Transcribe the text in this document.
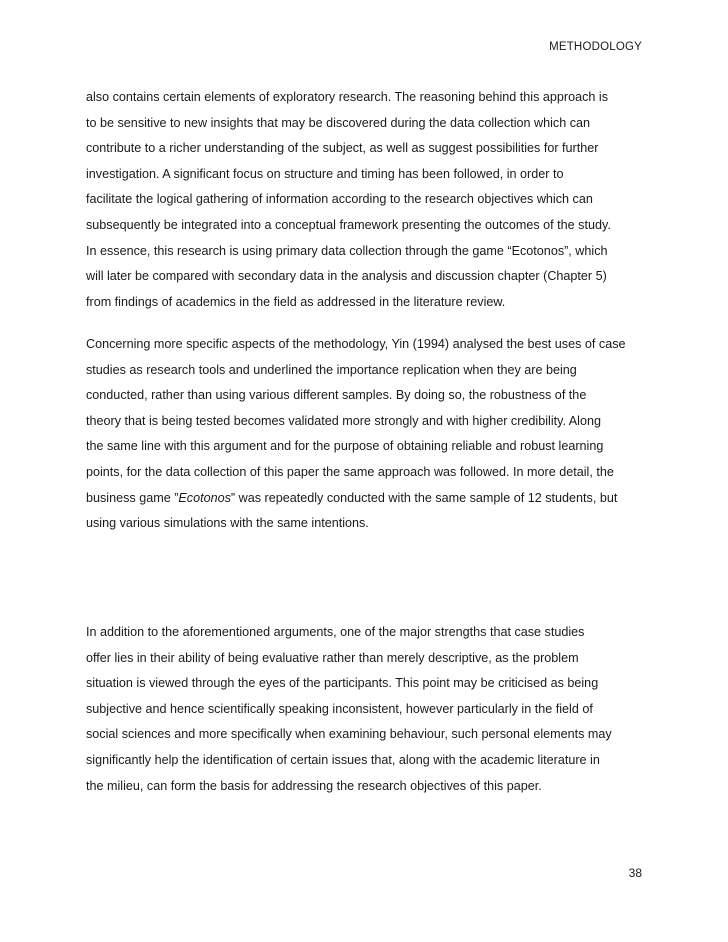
METHODOLOGY

also contains certain elements of exploratory research. The reasoning behind this approach is
to be sensitive to new insights that may be discovered during the data collection which can
contribute to a richer understanding of the subject, as well as suggest possibilities for further
investigation. A significant focus on structure and timing has been followed, in order to
facilitate the logical gathering of information according to the research objectives which can
subsequently be integrated into a conceptual framework presenting the outcomes of the study.
In essence, this research is using primary data collection through the game “Ecotonos”, which
will later be compared with secondary data in the analysis and discussion chapter (Chapter 5)
from findings of academics in the field as addressed in the literature review.

Concerning more specific aspects of the methodology, Yin (1994) analysed the best uses of case
studies as research tools and underlined the importance replication when they are being
conducted, rather than using various different samples. By doing so, the robustness of the
theory that is being tested becomes validated more strongly and with higher credibility. Along
the same line with this argument and for the purpose of obtaining reliable and robust learning
points, for the data collection of this paper the same approach was followed. In more detail, the
business game ”Ecotonos” was repeatedly conducted with the same sample of 12 students, but
using various simulations with the same intentions.

In addition to the aforementioned arguments, one of the major strengths that case studies
offer lies in their ability of being evaluative rather than merely descriptive, as the problem
situation is viewed through the eyes of the participants. This point may be criticised as being
subjective and hence scientifically speaking inconsistent, however particularly in the field of
social sciences and more specifically when examining behaviour, such personal elements may
significantly help the identification of certain issues that, along with the academic literature in
the milieu, can form the basis for addressing the research objectives of this paper.

38
